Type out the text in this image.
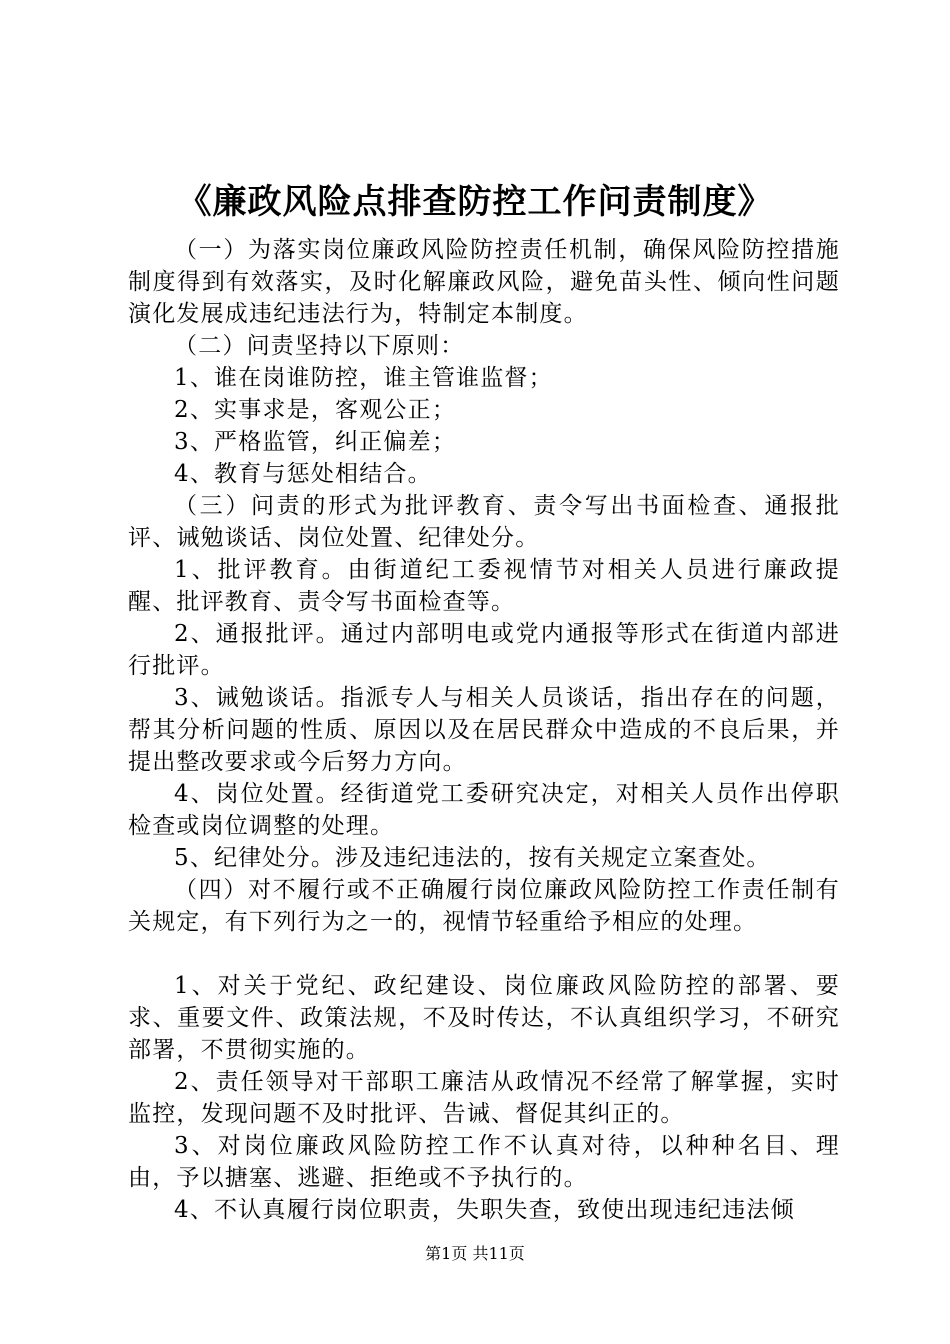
《廉政风险点排查防控工作问责制度》

（一）为落实岗位廉政风险防控责任机制，确保风险防控措施制度得到有效落实，及时化解廉政风险，避免苗头性、倾向性问题演化发展成违纪违法行为，特制定本制度。

（二）问责坚持以下原则：

1、谁在岗谁防控，谁主管谁监督；

2、实事求是，客观公正；

3、严格监管，纠正偏差；

4、教育与惩处相结合。

（三）问责的形式为批评教育、责令写出书面检查、通报批评、诫勉谈话、岗位处置、纪律处分。

1、批评教育。由街道纪工委视情节对相关人员进行廉政提醒、批评教育、责令写书面检查等。

2、通报批评。通过内部明电或党内通报等形式在街道内部进行批评。

3、诫勉谈话。指派专人与相关人员谈话，指出存在的问题，帮其分析问题的性质、原因以及在居民群众中造成的不良后果，并提出整改要求或今后努力方向。

4、岗位处置。经街道党工委研究决定，对相关人员作出停职检查或岗位调整的处理。

5、纪律处分。涉及违纪违法的，按有关规定立案查处。

（四）对不履行或不正确履行岗位廉政风险防控工作责任制有关规定，有下列行为之一的，视情节轻重给予相应的处理。

1、对关于党纪、政纪建设、岗位廉政风险防控的部署、要求、重要文件、政策法规，不及时传达，不认真组织学习，不研究部署，不贯彻实施的。

2、责任领导对干部职工廉洁从政情况不经常了解掌握，实时监控，发现问题不及时批评、告诫、督促其纠正的。

3、对岗位廉政风险防控工作不认真对待，以种种名目、理由，予以搪塞、逃避、拒绝或不予执行的。

4、不认真履行岗位职责，失职失查，致使出现违纪违法倾

第1页 共11页
